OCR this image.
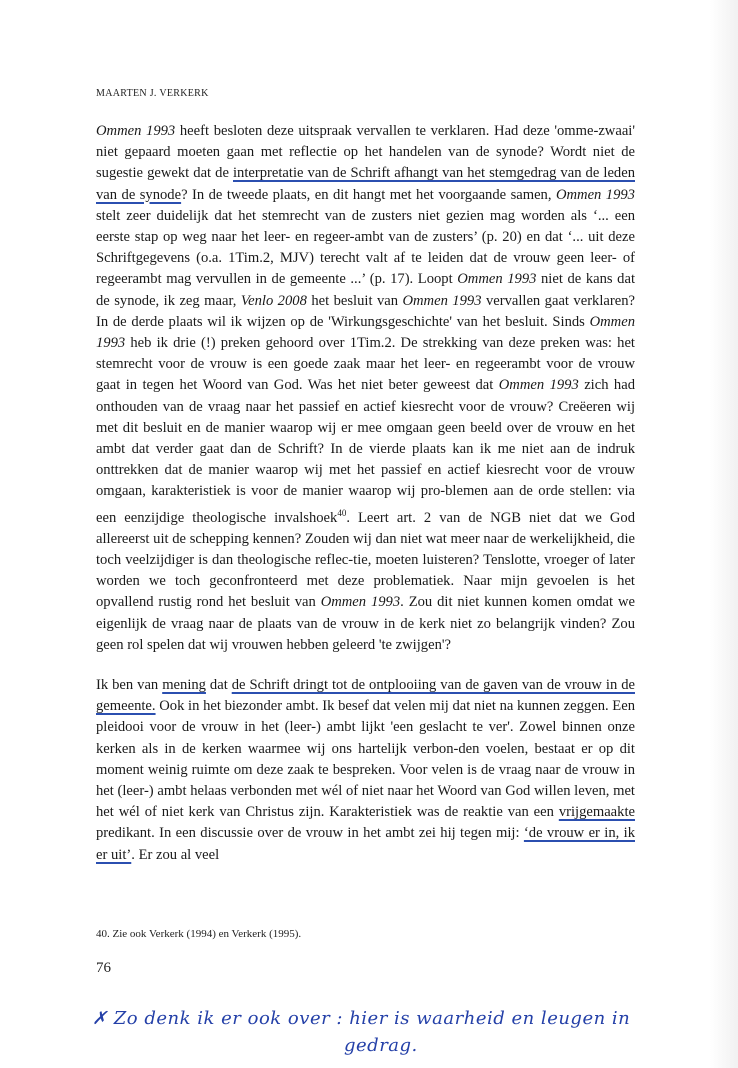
MAARTEN J. VERKERK

Ommen 1993 heeft besloten deze uitspraak vervallen te verklaren. Had deze 'omme-zwaai' niet gepaard moeten gaan met reflectie op het handelen van de synode? Wordt niet de sugestie gewekt dat de interpretatie van de Schrift afhangt van het stemgedrag van de leden van de synode? In de tweede plaats, en dit hangt met het voorgaande samen, Ommen 1993 stelt zeer duidelijk dat het stemrecht van de zusters niet gezien mag worden als ‘... een eerste stap op weg naar het leer- en regeer-ambt van de zusters’ (p. 20) en dat ‘... uit deze Schriftgegevens (o.a. 1Tim.2, MJV) terecht valt af te leiden dat de vrouw geen leer- of regeerambt mag vervullen in de gemeente ...’ (p. 17). Loopt Ommen 1993 niet de kans dat de synode, ik zeg maar, Venlo 2008 het besluit van Ommen 1993 vervallen gaat verklaren? In de derde plaats wil ik wijzen op de 'Wirkungsgeschichte' van het besluit. Sinds Ommen 1993 heb ik drie (!) preken gehoord over 1Tim.2. De strekking van deze preken was: het stemrecht voor de vrouw is een goede zaak maar het leer- en regeerambt voor de vrouw gaat in tegen het Woord van God. Was het niet beter geweest dat Ommen 1993 zich had onthouden van de vraag naar het passief en actief kiesrecht voor de vrouw? Creëeren wij met dit besluit en de manier waarop wij er mee omgaan geen beeld over de vrouw en het ambt dat verder gaat dan de Schrift? In de vierde plaats kan ik me niet aan de indruk onttrekken dat de manier waarop wij met het passief en actief kiesrecht voor de vrouw omgaan, karakteristiek is voor de manier waarop wij pro-blemen aan de orde stellen: via een eenzijdige theologische invalshoek$^{40}$. Leert art. 2 van de NGB niet dat we God allereerst uit de schepping kennen? Zouden wij dan niet wat meer naar de werkelijkheid, die toch veelzijdiger is dan theologische reflec-tie, moeten luisteren? Tenslotte, vroeger of later worden we toch geconfronteerd met deze problematiek. Naar mijn gevoelen is het opvallend rustig rond het besluit van Ommen 1993. Zou dit niet kunnen komen omdat we eigenlijk de vraag naar de plaats van de vrouw in de kerk niet zo belangrijk vinden? Zou geen rol spelen dat wij vrouwen hebben geleerd 'te zwijgen'?

Ik ben van mening dat de Schrift dringt tot de ontplooiing van de gaven van de vrouw in de gemeente. Ook in het biezonder ambt. Ik besef dat velen mij dat niet na kunnen zeggen. Een pleidooi voor de vrouw in het (leer-) ambt lijkt 'een geslacht te ver'. Zowel binnen onze kerken als in de kerken waarmee wij ons hartelijk verbon-den voelen, bestaat er op dit moment weinig ruimte om deze zaak te bespreken. Voor velen is de vraag naar de vrouw in het (leer-) ambt helaas verbonden met wél of niet naar het Woord van God willen leven, met het wél of niet kerk van Christus zijn. Karakteristiek was de reaktie van een vrijgemaakte predikant. In een discussie over de vrouw in het ambt zei hij tegen mij: ‘de vrouw er in, ik er uit’. Er zou al veel

40. Zie ook Verkerk (1994) en Verkerk (1995).
76
✗ Zo denk ik er ook over : hier is waarheid en leugen in
gedrag.
